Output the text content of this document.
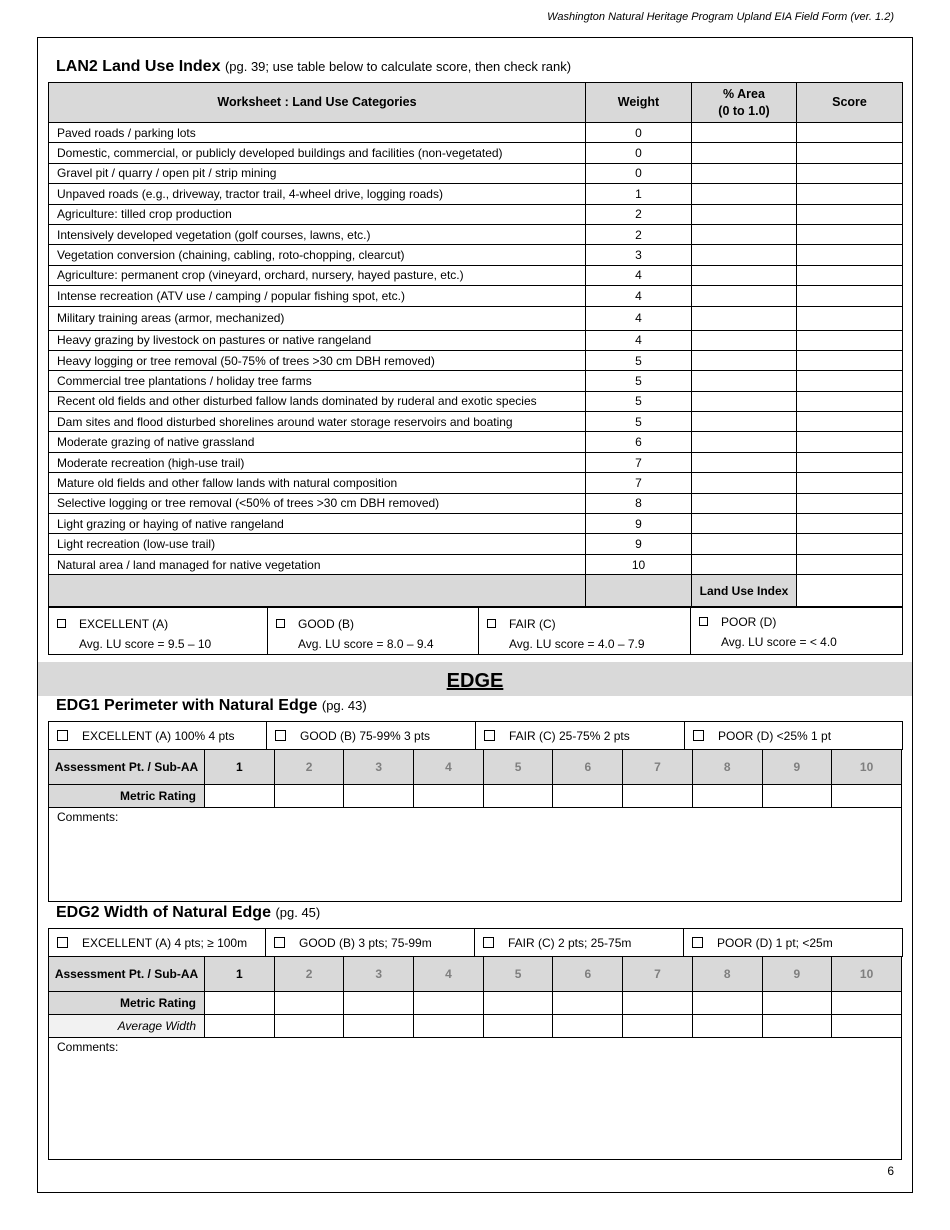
Washington Natural Heritage Program Upland EIA Field Form (ver. 1.2)
LAN2 Land Use Index (pg. 39; use table below to calculate score, then check rank)
Worksheet : Land Use Categories	Weight	% Area
(0 to 1.0)	Score
Paved roads / parking lots	0		
Domestic, commercial, or publicly developed buildings and facilities (non-vegetated)	0		
Gravel pit / quarry / open pit / strip mining	0		
Unpaved roads (e.g., driveway, tractor trail, 4-wheel drive, logging roads)	1		
Agriculture: tilled crop production	2		
Intensively developed vegetation (golf courses, lawns, etc.)	2		
Vegetation conversion (chaining, cabling, roto-chopping, clearcut)	3		
Agriculture: permanent crop (vineyard, orchard, nursery, hayed pasture, etc.)	4		
Intense recreation (ATV use / camping / popular fishing spot, etc.)	4		
Military training areas (armor, mechanized)	4		
Heavy grazing by livestock on pastures or native rangeland	4		
Heavy logging or tree removal (50-75% of trees >30 cm DBH removed)	5		
Commercial tree plantations / holiday tree farms	5		
Recent old fields and other disturbed fallow lands dominated by ruderal and exotic species	5		
Dam sites and flood disturbed shorelines around water storage reservoirs and boating	5		
Moderate grazing of native grassland	6		
Moderate recreation (high-use trail)	7		
Mature old fields and other fallow lands with natural composition	7		
Selective logging or tree removal (<50% of trees >30 cm DBH removed)	8		
Light grazing or haying of native rangeland	9		
Light recreation (low-use trail)	9		
Natural area / land managed for native vegetation	10		
		Land Use Index	
EXCELLENT (A)
Avg. LU score = 9.5 – 10

GOOD (B)
Avg. LU score = 8.0 – 9.4

FAIR (C)
Avg. LU score = 4.0 – 7.9

POOR (D)
Avg. LU score = < 4.0
EDGE
EDG1 Perimeter with Natural Edge (pg. 43)
EXCELLENT (A) 100% 4 pts	GOOD (B) 75-99% 3 pts	FAIR (C) 25-75% 2 pts	POOR (D) <25% 1 pt
Assessment Pt. / Sub-AA	1	2	3	4	5	6	7	8	9	10
Metric Rating										
Comments:
EDG2 Width of Natural Edge (pg. 45)
EXCELLENT (A) 4 pts; ≥ 100m	GOOD (B) 3 pts; 75-99m	FAIR (C) 2 pts; 25-75m	POOR (D) 1 pt; <25m
Assessment Pt. / Sub-AA	1	2	3	4	5	6	7	8	9	10
Metric Rating										
Average Width										
Comments:
6
